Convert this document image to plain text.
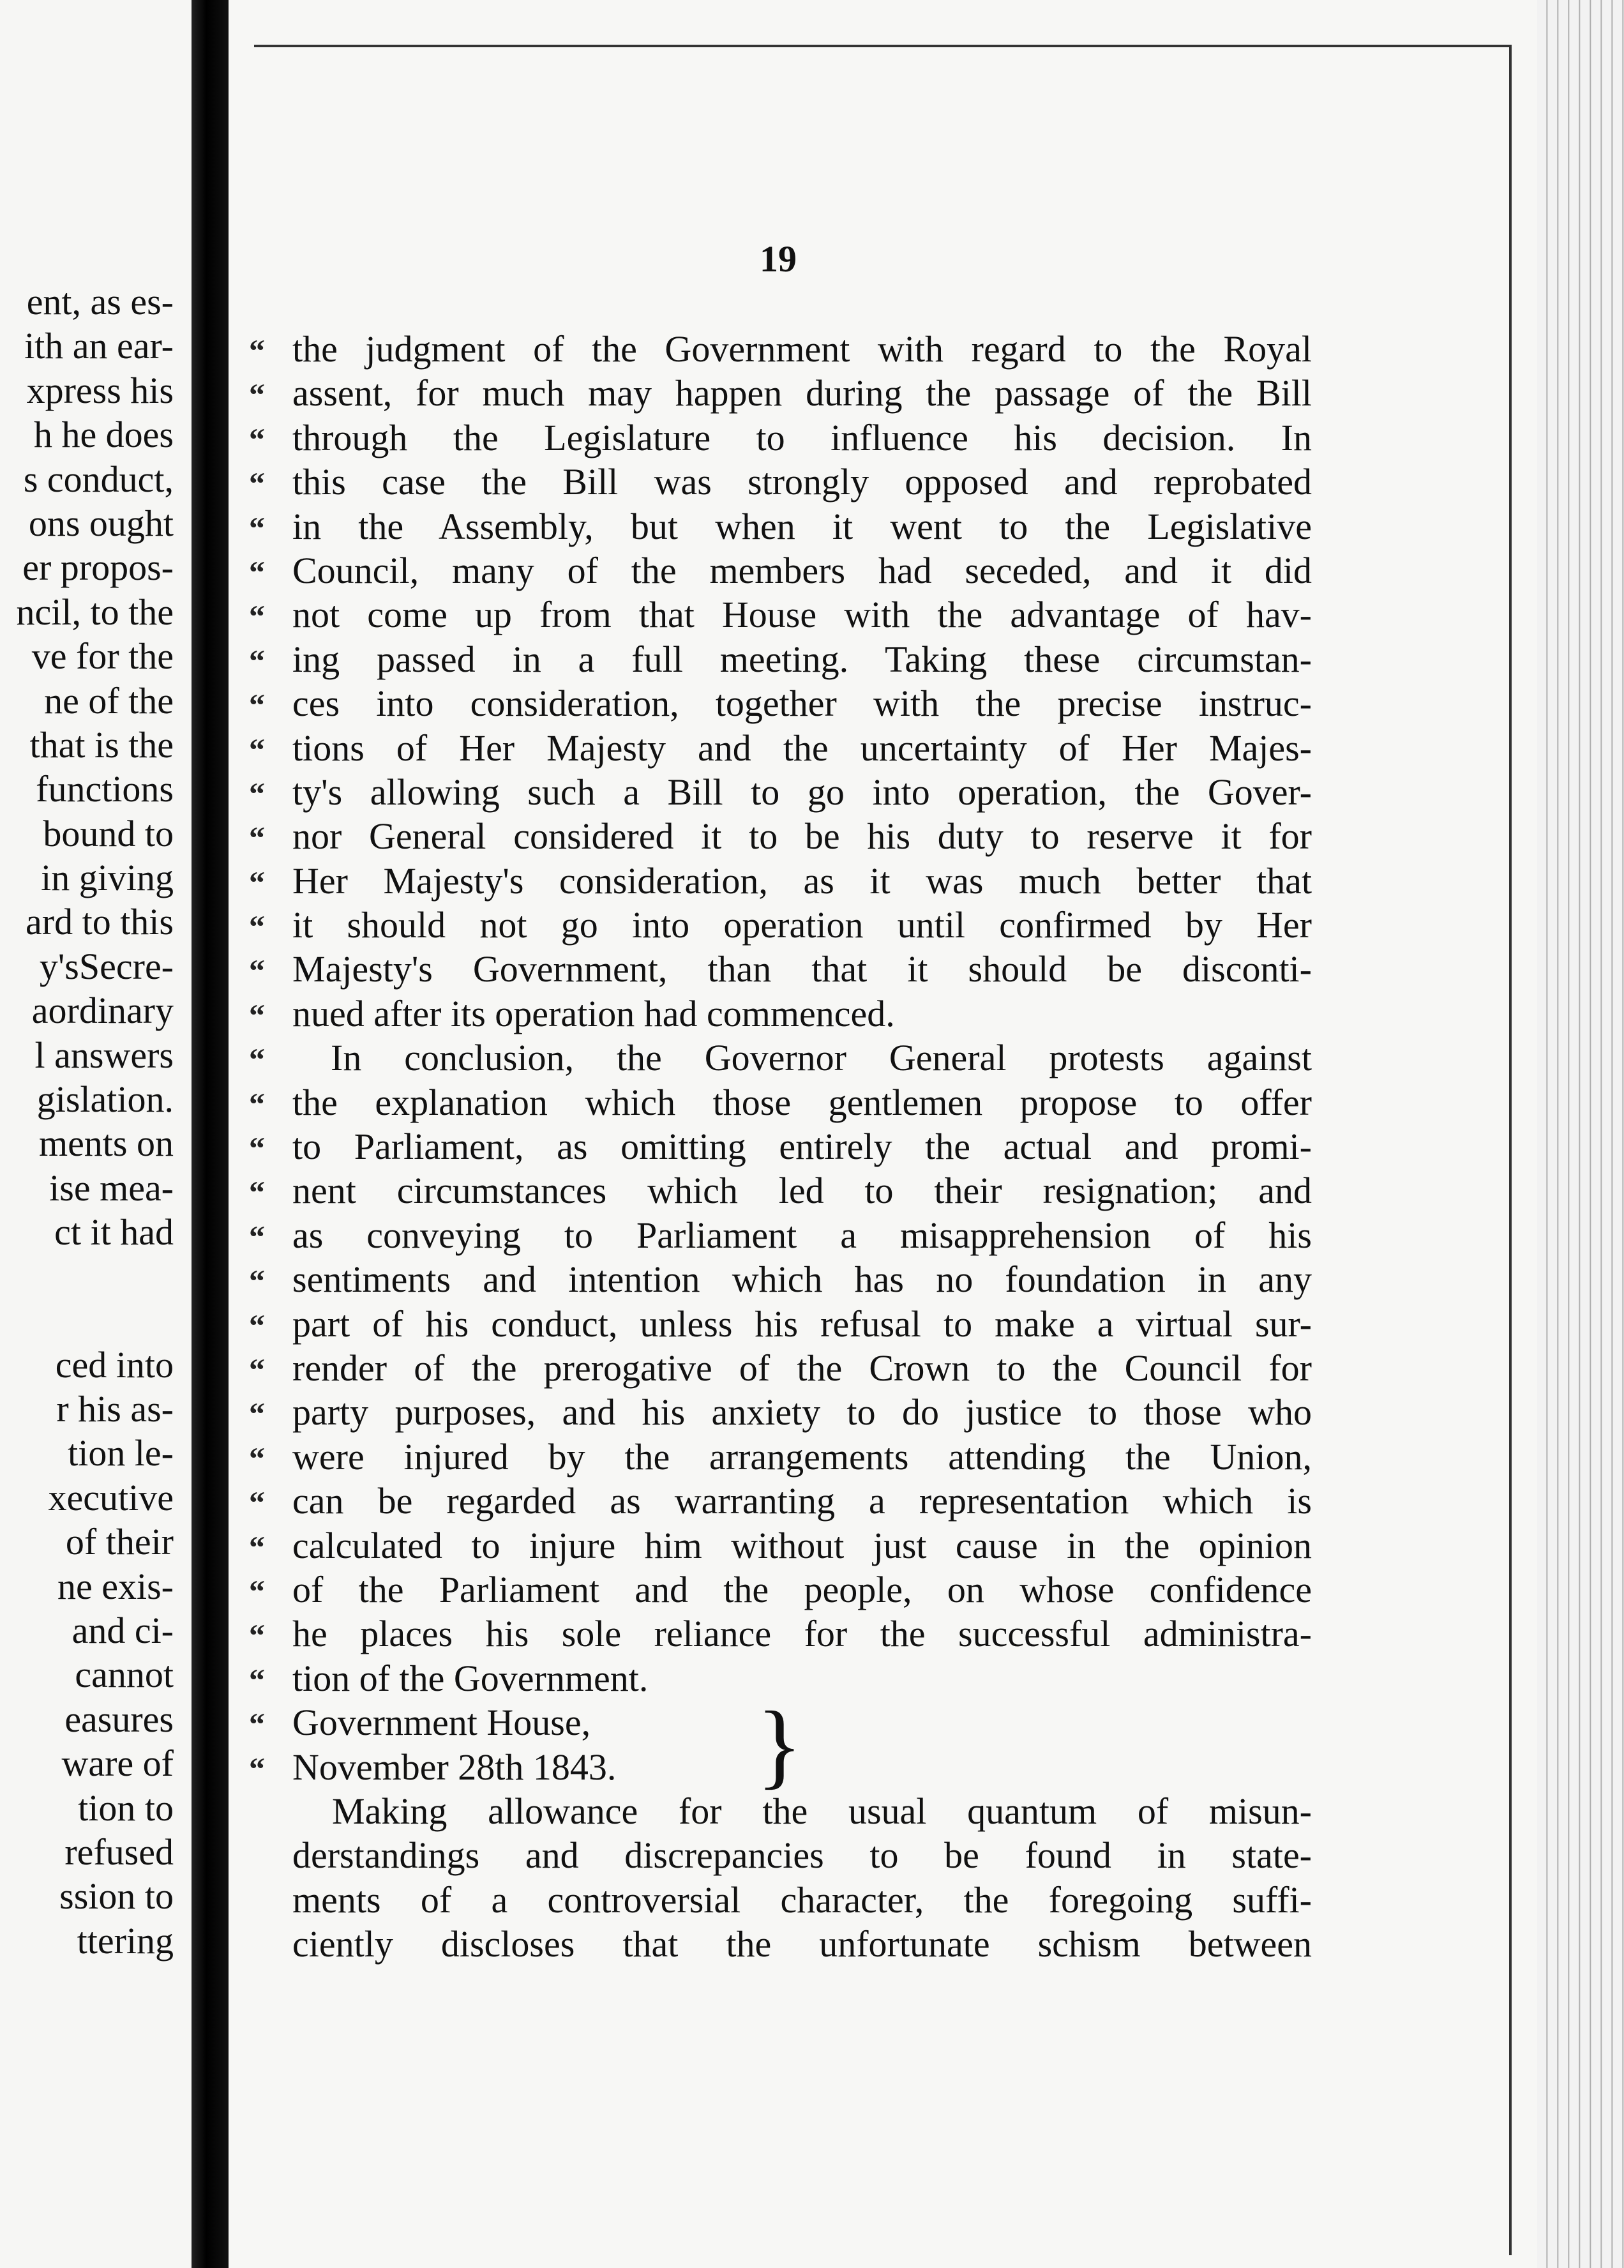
ent, as es-
ith an ear-
xpress his
h he does
s conduct,
ons ought
er propos-
ncil, to the
ve for the
ne of the
that is the
functions
bound to
in giving
ard to this
y'sSecre-
aordinary
l answers
gislation.
ments on
ise mea-
ct it had
ced into
r his as-
tion le-
xecutive
of their
ne exis-
and ci-
cannot
easures
ware of
tion to
refused
ssion to
ttering
19
“ the judgment of the Government with regard to the Royal
“ assent, for much may happen during the passage of the Bill
“ through the Legislature to influence his decision. In
“ this case the Bill was strongly opposed and reprobated
“ in the Assembly, but when it went to the Legislative
“ Council, many of the members had seceded, and it did
“ not come up from that House with the advantage of hav-
“ ing passed in a full meeting. Taking these circumstan-
“ ces into consideration, together with the precise instruc-
“ tions of Her Majesty and the uncertainty of Her Majes-
“ ty's allowing such a Bill to go into operation, the Gover-
“ nor General considered it to be his duty to reserve it for
“ Her Majesty's consideration, as it was much better that
“ it should not go into operation until confirmed by Her
“ Majesty's Government, than that it should be disconti-
“ nued after its operation had commenced.
“	In conclusion, the Governor General protests against
“ the explanation which those gentlemen propose to offer
“ to Parliament, as omitting entirely the actual and promi-
“ nent circumstances which led to their resignation; and
“ as conveying to Parliament a misapprehension of his
“ sentiments and intention which has no foundation in any
“ part of his conduct, unless his refusal to make a virtual sur-
“ render of the prerogative of the Crown to the Council for
“ party purposes, and his anxiety to do justice to those who
“ were injured by the arrangements attending the Union,
“ can be regarded as warranting a representation which is
“ calculated to injure him without just cause in the opinion
“ of the Parliament and the people, on whose confidence
“ he places his sole reliance for the successful administra-
“ tion of the Government.
“ Government House,
“ November 28th 1843.	}
Making allowance for the usual quantum of misun-
derstandings and discrepancies to be found in state-
ments of a controversial character, the foregoing suffi-
ciently discloses that the unfortunate schism between
